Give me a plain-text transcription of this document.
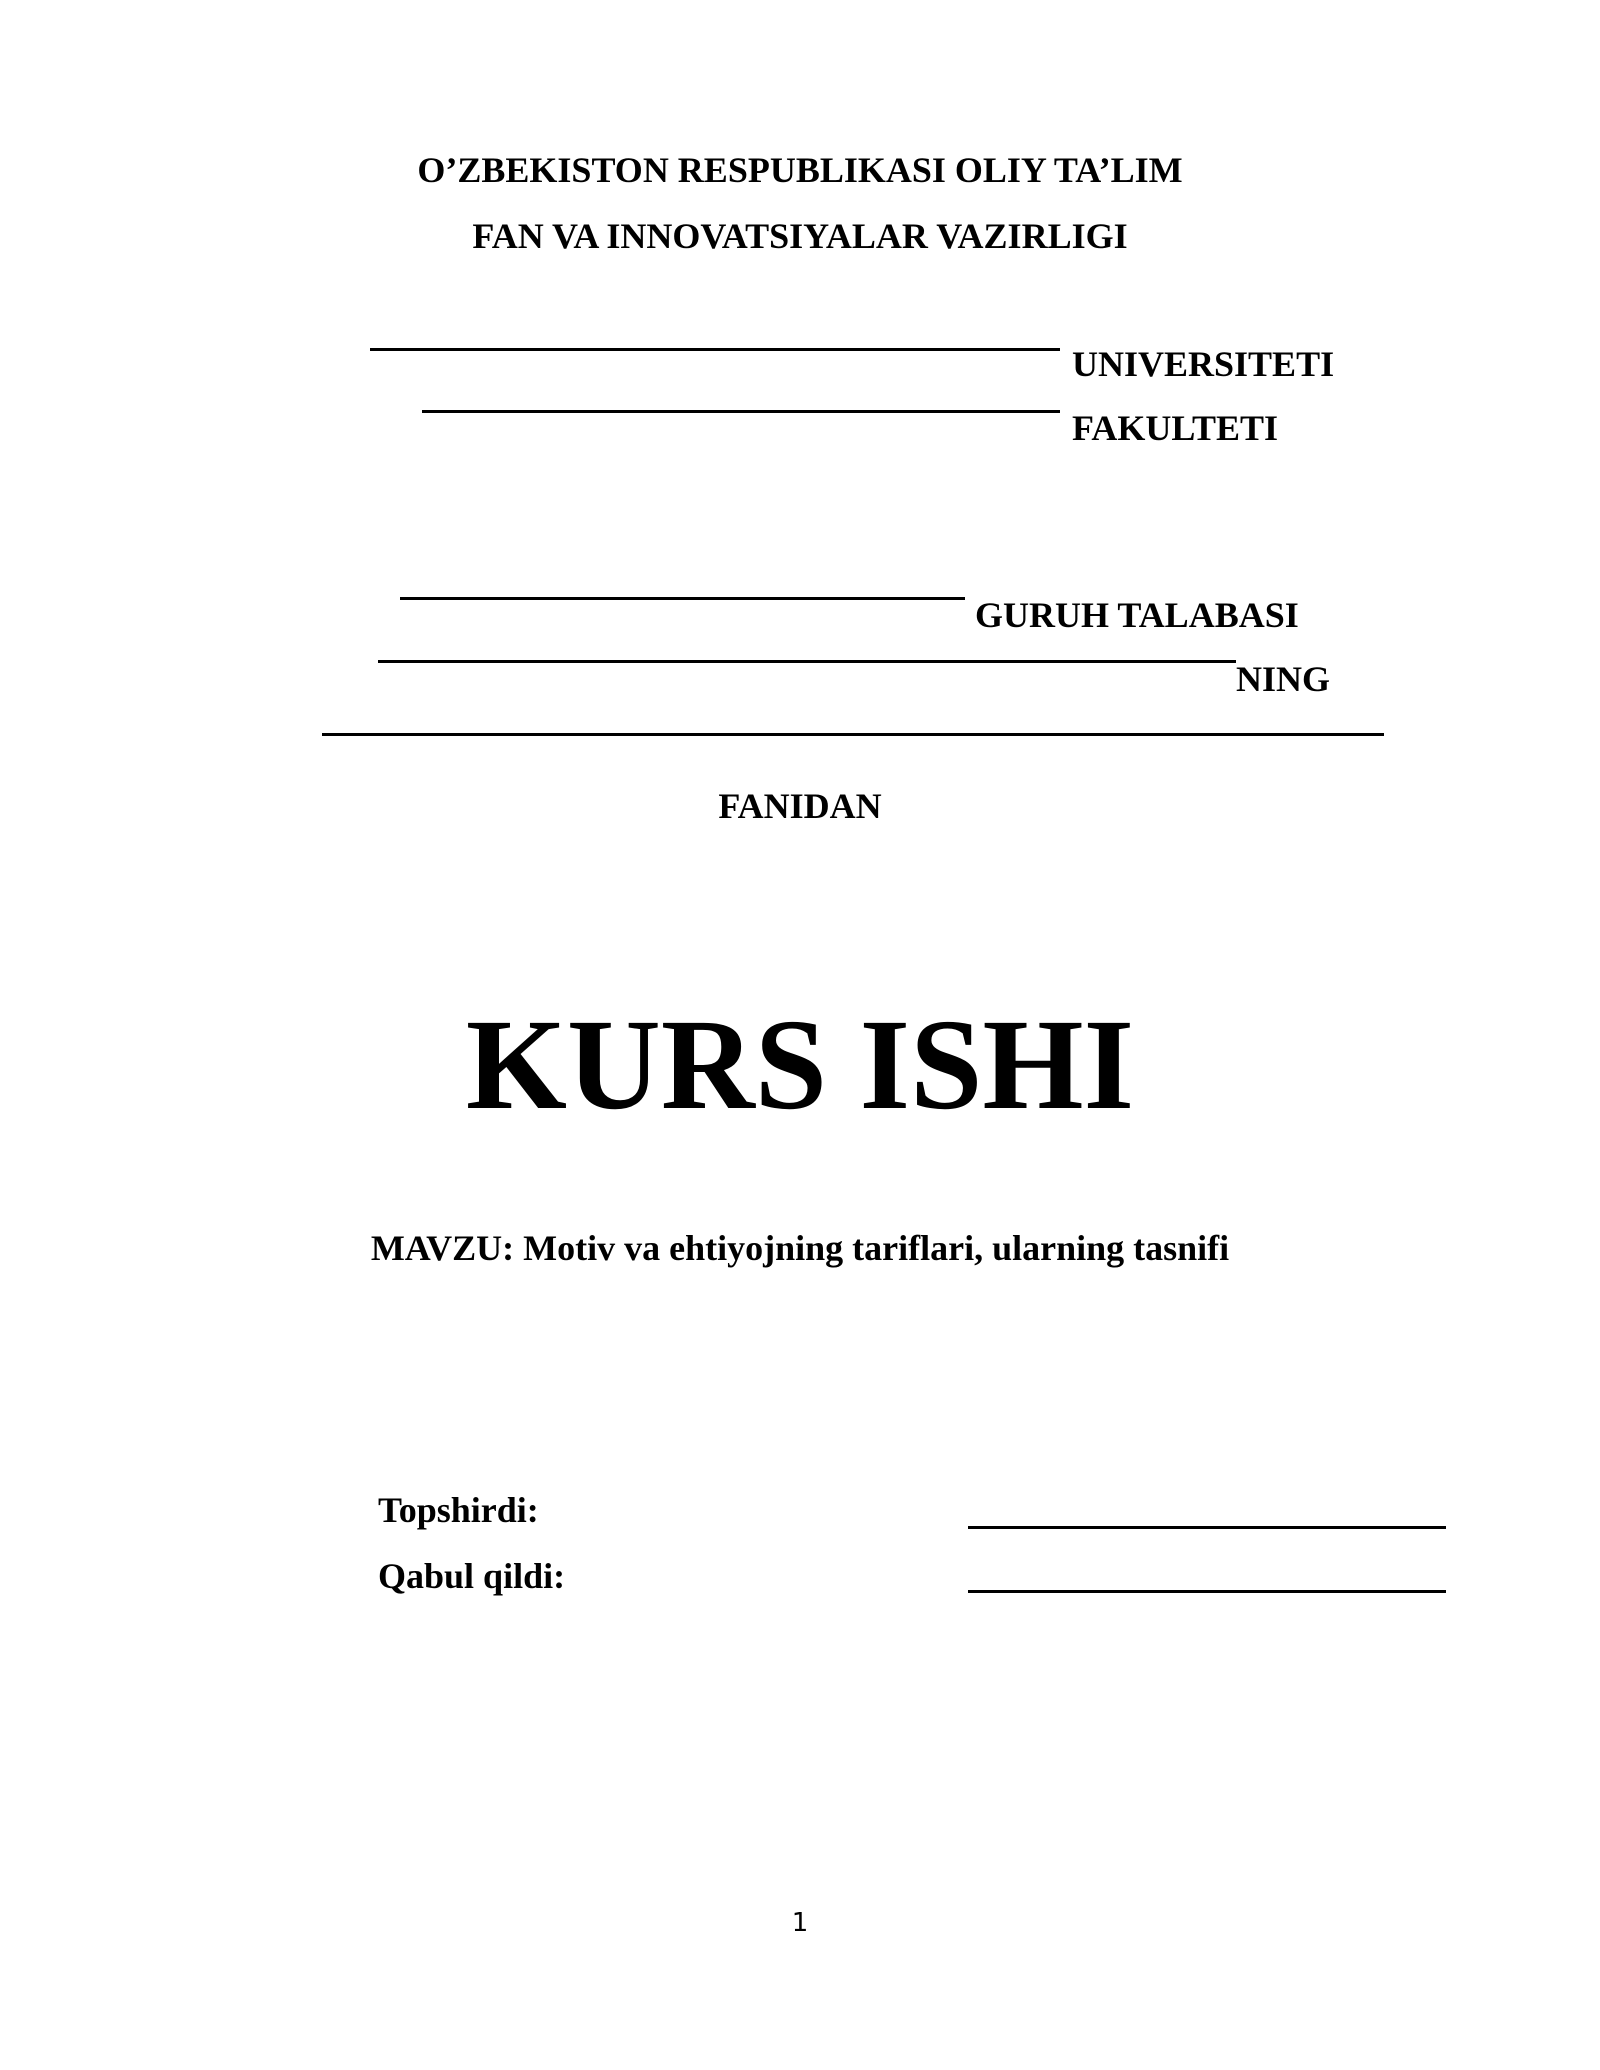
O’ZBEKISTON RESPUBLIKASI OLIY TA’LIM
FAN VA INNOVATSIYALAR VAZIRLIGI
UNIVERSITETI
FAKULTETI
GURUH TALABASI
NING
FANIDAN
KURS ISHI
MAVZU: Motiv va ehtiyojning tariflari, ularning tasnifi
Topshirdi:
Qabul qildi:
1
